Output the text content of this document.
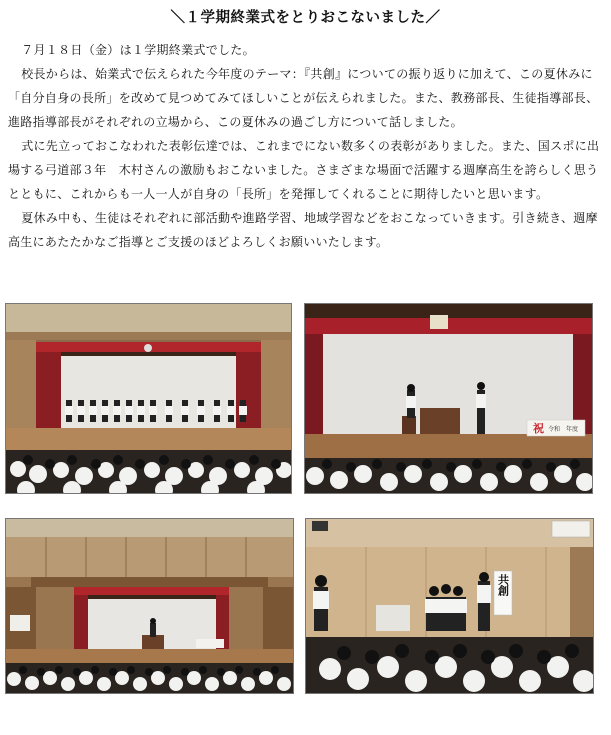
＼１学期終業式をとりおこないました／

７月１８日（金）は１学期終業式でした。

校長からは、始業式で伝えられた今年度のテーマ：『共創』についての振り返りに加えて、この夏休みに「自分自身の長所」を改めて見つめてみてほしいことが伝えられました。また、教務部長、生徒指導部長、進路指導部長がそれぞれの立場から、この夏休みの過ごし方について話しました。

式に先立っておこなわれた表彰伝達では、これまでにない数多くの表彰がありました。また、国スポに出場する弓道部３年　木村さんの激励もおこないました。さまざまな場面で活躍する週摩高生を誇らしく思うとともに、これからも一人一人が自身の「長所」を発揮してくれることに期待したいと思います。

夏休み中も、生徒はそれぞれに部活動や進路学習、地域学習などをおこなっていきます。引き続き、週摩高生にあたたかなご指導とご支援のほどよろしくお願いいたします。

祝 令和　年度
共創
